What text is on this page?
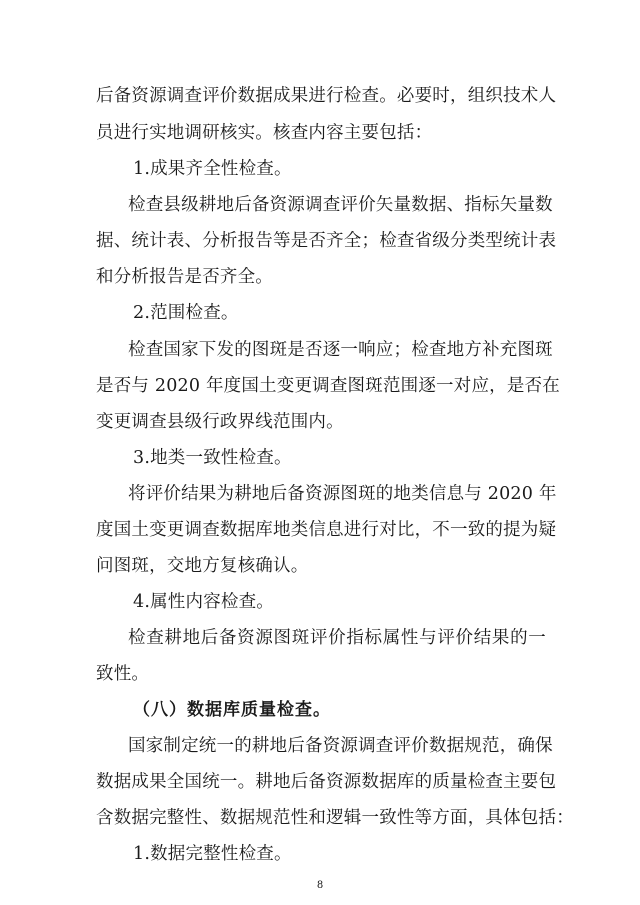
后备资源调查评价数据成果进行检查。必要时，组织技术人
员进行实地调研核实。核查内容主要包括：
1.成果齐全性检查。
检查县级耕地后备资源调查评价矢量数据、指标矢量数
据、统计表、分析报告等是否齐全；检查省级分类型统计表
和分析报告是否齐全。
2.范围检查。
检查国家下发的图斑是否逐一响应；检查地方补充图斑
是否与 2020 年度国土变更调查图斑范围逐一对应，是否在
变更调查县级行政界线范围内。
3.地类一致性检查。
将评价结果为耕地后备资源图斑的地类信息与 2020 年
度国土变更调查数据库地类信息进行对比，不一致的提为疑
问图斑，交地方复核确认。
4.属性内容检查。
检查耕地后备资源图斑评价指标属性与评价结果的一
致性。
（八）数据库质量检查。
国家制定统一的耕地后备资源调查评价数据规范，确保
数据成果全国统一。耕地后备资源数据库的质量检查主要包
含数据完整性、数据规范性和逻辑一致性等方面，具体包括：
1.数据完整性检查。
8
